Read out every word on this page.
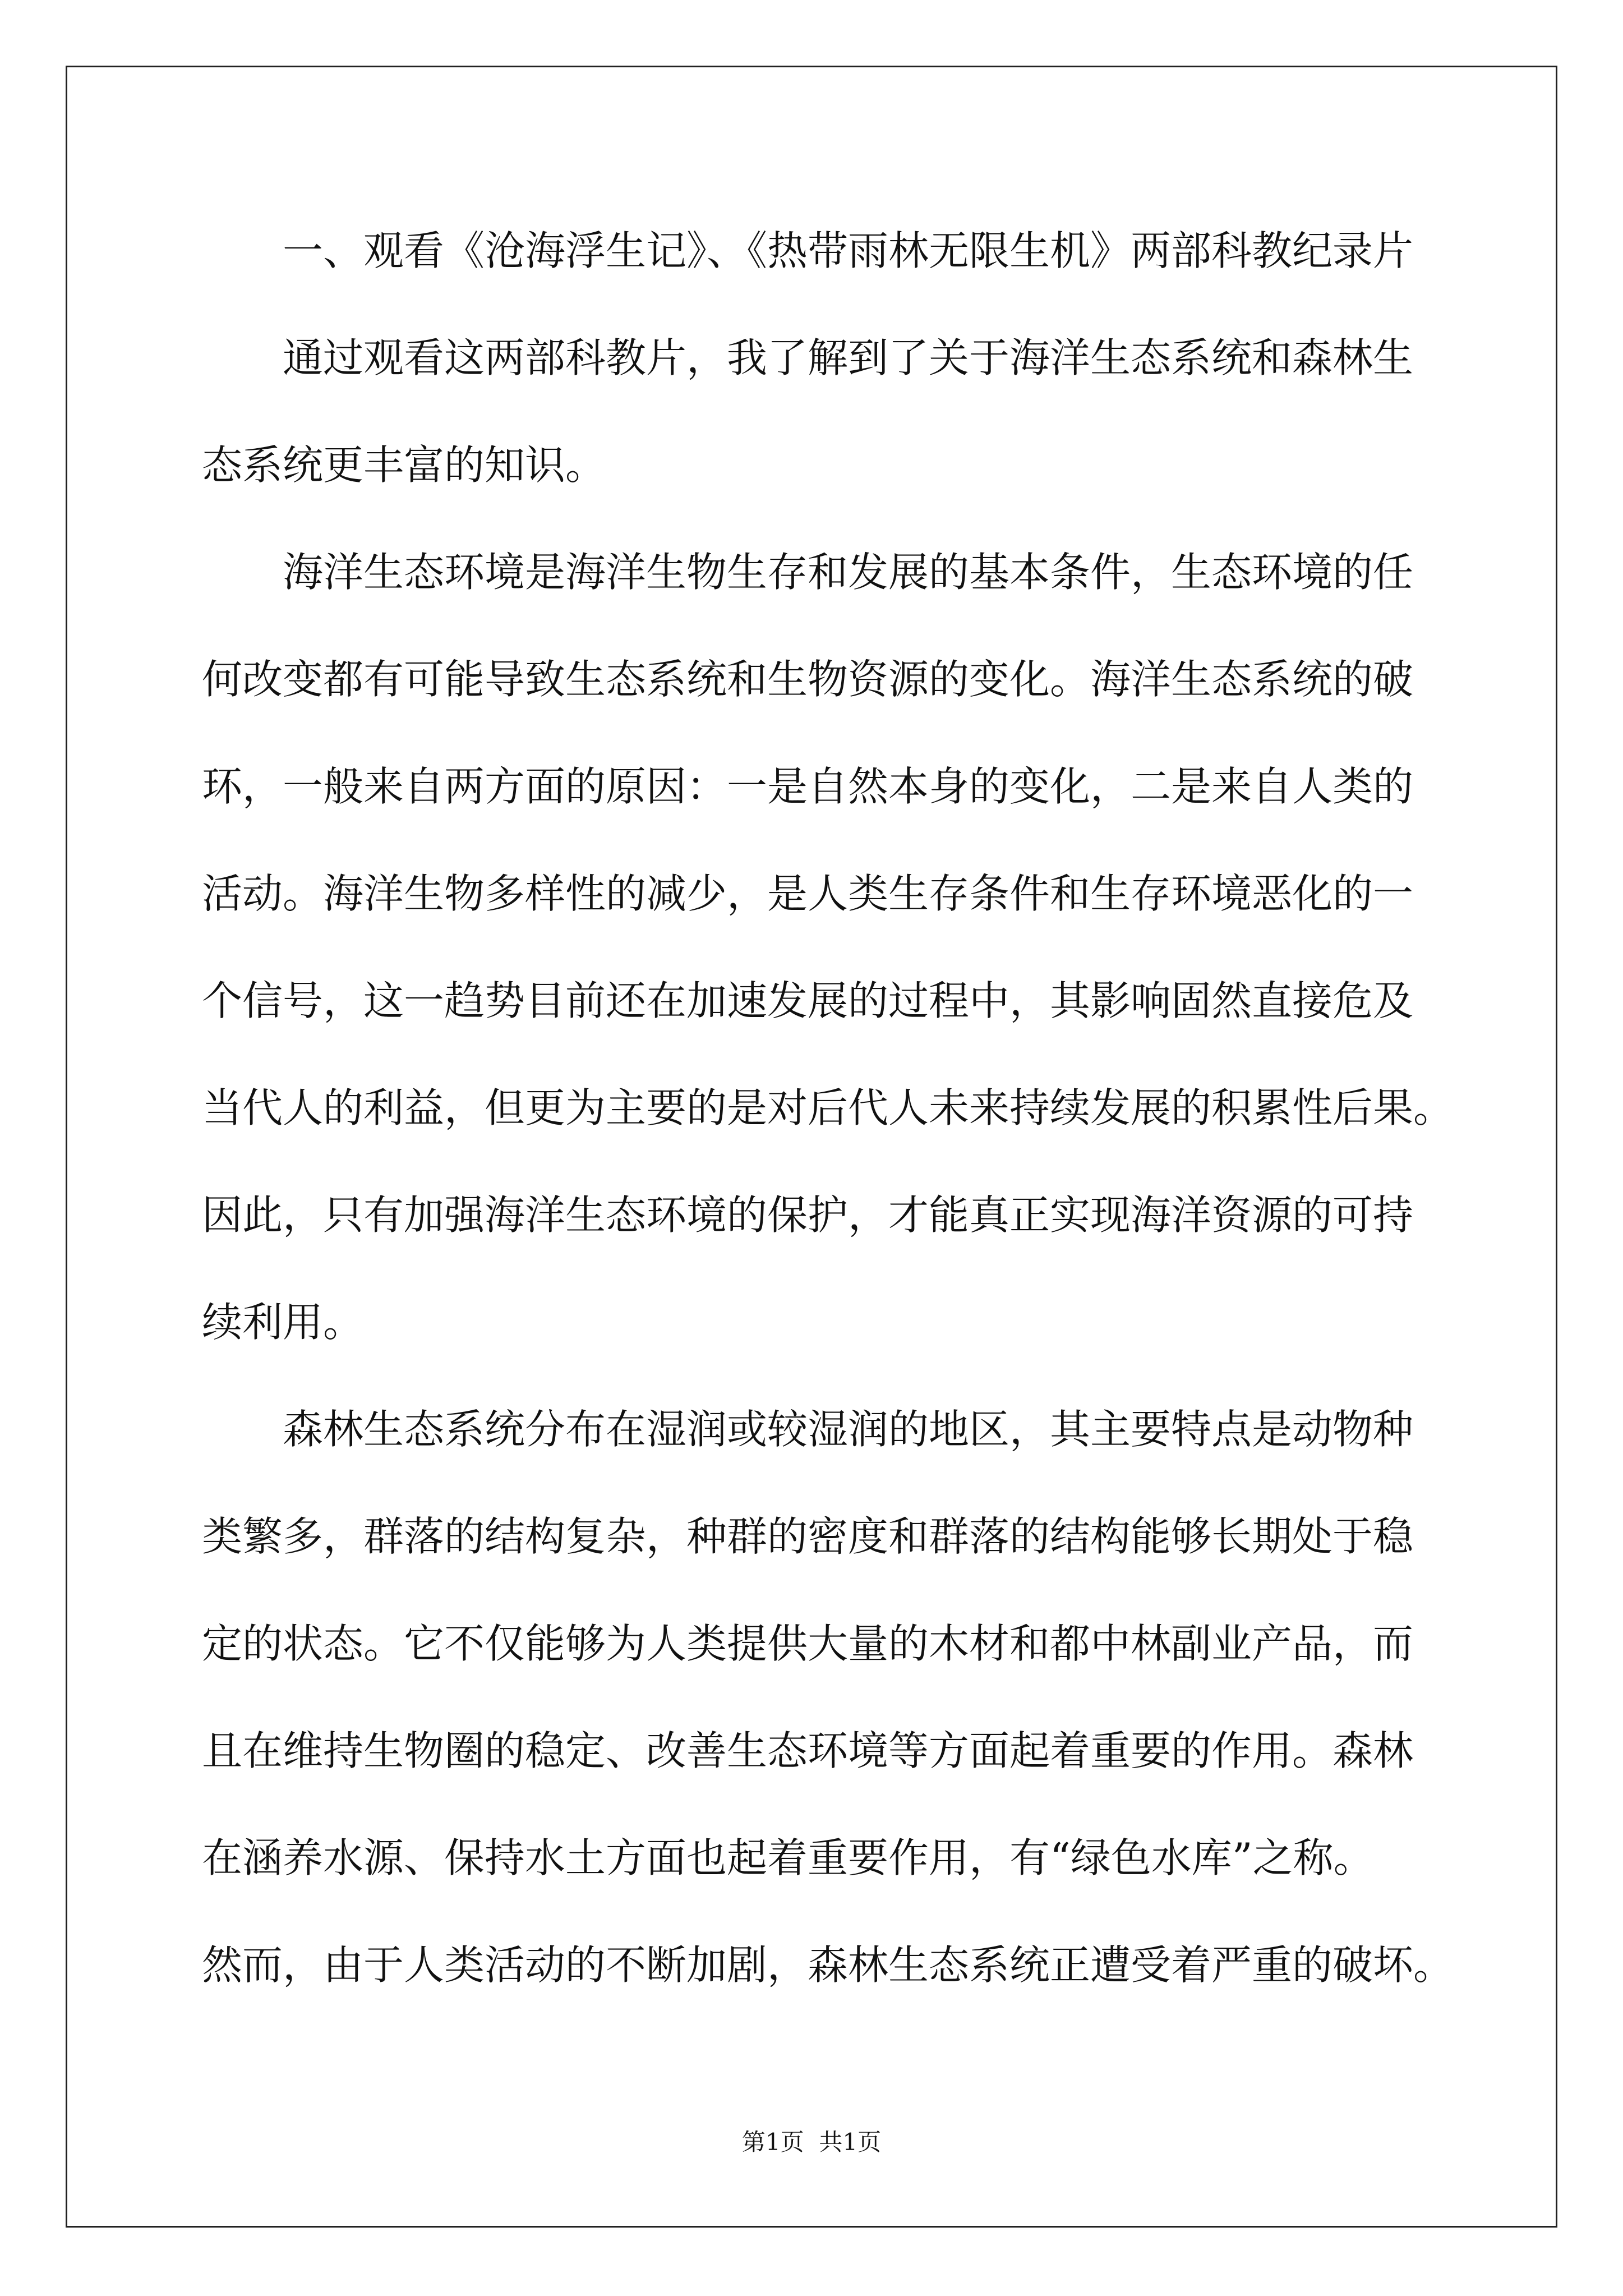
一、观看《沧海浮生记》、《热带雨林无限生机》两部科教纪录片
通过观看这两部科教片，我了解到了关于海洋生态系统和森林生
态系统更丰富的知识。
海洋生态环境是海洋生物生存和发展的基本条件，生态环境的任
何改变都有可能导致生态系统和生物资源的变化。海洋生态系统的破
环，一般来自两方面的原因：一是自然本身的变化，二是来自人类的
活动。海洋生物多样性的减少，是人类生存条件和生存环境恶化的一
个信号，这一趋势目前还在加速发展的过程中，其影响固然直接危及
当代人的利益，但更为主要的是对后代人未来持续发展的积累性后果。
因此，只有加强海洋生态环境的保护，才能真正实现海洋资源的可持
续利用。
森林生态系统分布在湿润或较湿润的地区，其主要特点是动物种
类繁多，群落的结构复杂，种群的密度和群落的结构能够长期处于稳
定的状态。它不仅能够为人类提供大量的木材和都中林副业产品，而
且在维持生物圈的稳定、改善生态环境等方面起着重要的作用。森林
在涵养水源、保持水土方面也起着重要作用，有“绿色水库”之称。
然而，由于人类活动的不断加剧，森林生态系统正遭受着严重的破坏。
第1页  共1页
